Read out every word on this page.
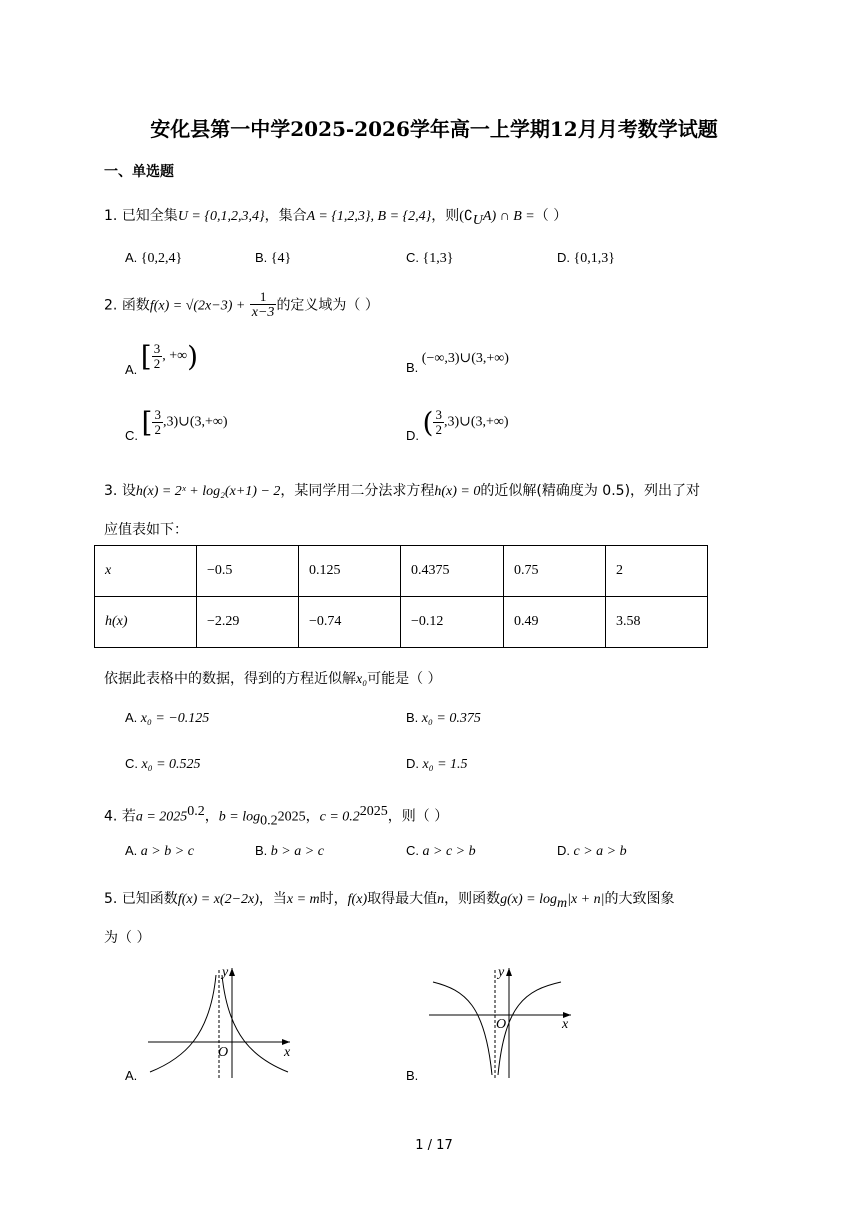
安化县第一中学2025-2026学年高一上学期12月月考数学试题
一、单选题
1. 已知全集U = {0,1,2,3,4}，集合A = {1,2,3}, B = {2,4}，则$(∁_UA)$ ∩ B =（ ）
A. {0,2,4}	B. {4}	C. {1,3}	D. {0,1,3}
2. 函数$f(x) = √(2x-3) + \frac{1}{x-3}$ 的定义域为（ ）
A. [ $\frac{3}{2}$ , +∞)	B. (−∞,3)∪(3,+∞)
C. [ $\frac{3}{2}$ ,3)∪(3,+∞)
D. ( $\frac{3}{2}$ ,3)∪(3,+∞)
3. 设h(x) = 2ˣ + log₂(x+1) − 2，某同学用二分法求方程h(x) = 0的近似解(精确度为 0.5)，列出了对
应值表如下：
x	−0.5	0.125	0.4375	0.75	2
h(x)	−2.29	−0.74	−0.12	0.49	3.58
依据此表格中的数据，得到的方程近似解x₀可能是（ ）
A. x₀ = −0.125	B. x₀ = 0.375
C. x₀ = 0.525	D. x₀ = 1.5
4. 若$a = 2025^{0.2}$，$b = \log_{0.2}2025$，$c = 0.2^{2025}$，则（ ）
A. a > b > c	B. b > a > c	C. a > c > b	D. c > a > b
5. 已知函数f(x) = x(2−2x)，当x = m时，f(x)取得最大值n，则函数$g(x) = \log_m|x + n|$的大致图象
为（ ）
x
y
O
A.
x
y
O
B.
1 / 17
